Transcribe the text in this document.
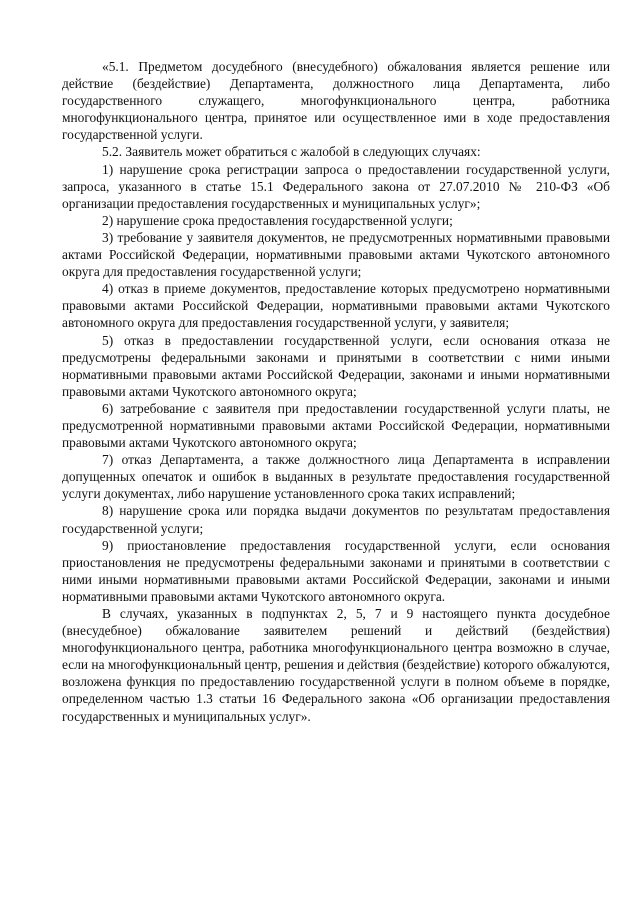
«5.1. Предметом досудебного (внесудебного) обжалования является решение или действие (бездействие) Департамента, должностного лица Департамента, либо государственного служащего, многофункционального центра, работника многофункционального центра, принятое или осуществленное ими в ходе предоставления государственной услуги.

5.2. Заявитель может обратиться с жалобой в следующих случаях:

1) нарушение срока регистрации запроса о предоставлении государственной услуги, запроса, указанного в статье 15.1 Федерального закона от 27.07.2010 № 210-ФЗ «Об организации предоставления государственных и муниципальных услуг»;

2) нарушение срока предоставления государственной услуги;

3) требование у заявителя документов, не предусмотренных нормативными правовыми актами Российской Федерации, нормативными правовыми актами Чукотского автономного округа для предоставления государственной услуги;

4) отказ в приеме документов, предоставление которых предусмотрено нормативными правовыми актами Российской Федерации, нормативными правовыми актами Чукотского автономного округа для предоставления государственной услуги, у заявителя;

5) отказ в предоставлении государственной услуги, если основания отказа не предусмотрены федеральными законами и принятыми в соответствии с ними иными нормативными правовыми актами Российской Федерации, законами и иными нормативными правовыми актами Чукотского автономного округа;

6) затребование с заявителя при предоставлении государственной услуги платы, не предусмотренной нормативными правовыми актами Российской Федерации, нормативными правовыми актами Чукотского автономного округа;

7) отказ Департамента, а также должностного лица Департамента в исправлении допущенных опечаток и ошибок в выданных в результате предоставления государственной услуги документах, либо нарушение установленного срока таких исправлений;

8) нарушение срока или порядка выдачи документов по результатам предоставления государственной услуги;

9) приостановление предоставления государственной услуги, если основания приостановления не предусмотрены федеральными законами и принятыми в соответствии с ними иными нормативными правовыми актами Российской Федерации, законами и иными нормативными правовыми актами Чукотского автономного округа.

В случаях, указанных в подпунктах 2, 5, 7 и 9 настоящего пункта досудебное (внесудебное) обжалование заявителем решений и действий (бездействия) многофункционального центра, работника многофункционального центра возможно в случае, если на многофункциональный центр, решения и действия (бездействие) которого обжалуются, возложена функция по предоставлению государственной услуги в полном объеме в порядке, определенном частью 1.3 статьи 16 Федерального закона «Об организации предоставления государственных и муниципальных услуг».
